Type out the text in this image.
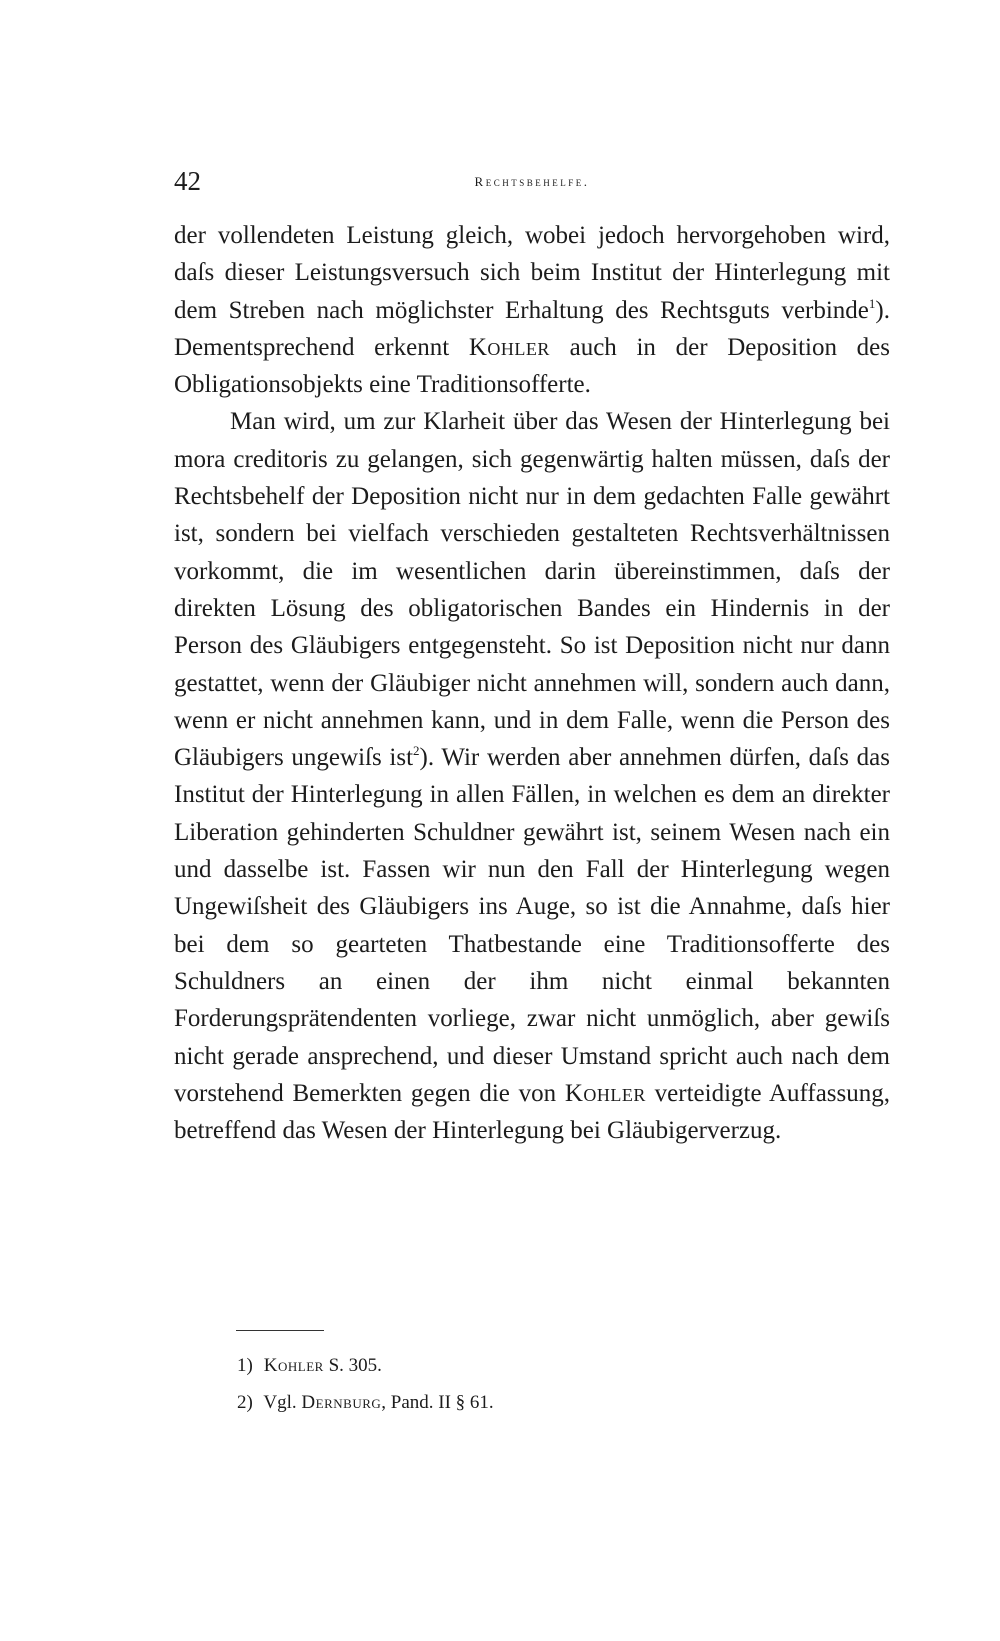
42	Rechtsbehelfe.

der vollendeten Leistung gleich, wobei jedoch hervorgehoben wird, daſs dieser Leistungsversuch sich beim Institut der Hinterlegung mit dem Streben nach möglichster Erhaltung des Rechtsguts verbinde$^1$). Dementsprechend erkennt Kohler auch in der Deposition des Obligationsobjekts eine Traditionsofferte.

Man wird, um zur Klarheit über das Wesen der Hinterlegung bei mora creditoris zu gelangen, sich gegenwärtig halten müssen, daſs der Rechtsbehelf der Deposition nicht nur in dem gedachten Falle gewährt ist, sondern bei vielfach verschieden gestalteten Rechtsverhältnissen vorkommt, die im wesentlichen darin übereinstimmen, daſs der direkten Lösung des obligatorischen Bandes ein Hindernis in der Person des Gläubigers entgegensteht. So ist Deposition nicht nur dann gestattet, wenn der Gläubiger nicht annehmen will, sondern auch dann, wenn er nicht annehmen kann, und in dem Falle, wenn die Person des Gläubigers ungewiſs ist$^2$). Wir werden aber annehmen dürfen, daſs das Institut der Hinterlegung in allen Fällen, in welchen es dem an direkter Liberation gehinderten Schuldner gewährt ist, seinem Wesen nach ein und dasselbe ist. Fassen wir nun den Fall der Hinterlegung wegen Ungewiſsheit des Gläubigers ins Auge, so ist die Annahme, daſs hier bei dem so gearteten Thatbestande eine Traditionsofferte des Schuldners an einen der ihm nicht einmal bekannten Forderungsprätendenten vorliege, zwar nicht unmöglich, aber gewiſs nicht gerade ansprechend, und dieser Umstand spricht auch nach dem vorstehend Bemerkten gegen die von Kohler verteidigte Auffassung, betreffend das Wesen der Hinterlegung bei Gläubigerverzug.

1) Kohler S. 305.
2) Vgl. Dernburg, Pand. II § 61.
